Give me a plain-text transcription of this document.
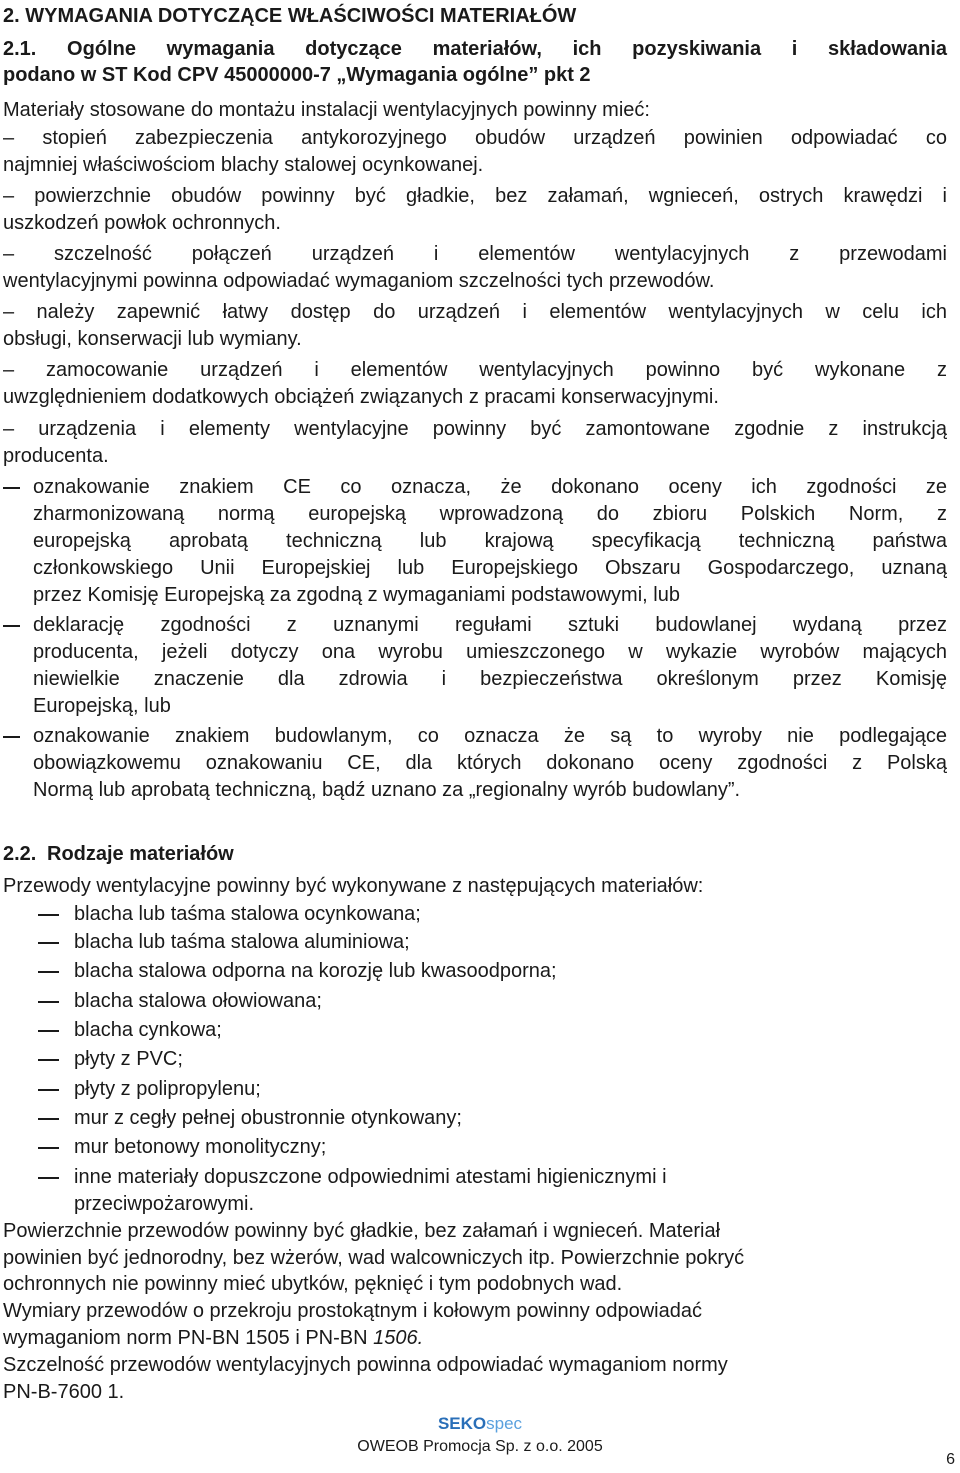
2. WYMAGANIA DOTYCZĄCE WŁAŚCIWOŚCI MATERIAŁÓW
2.1. Ogólne wymagania dotyczące materiałów, ich pozyskiwania i składowania
podano w ST Kod CPV 45000000-7 „Wymagania ogólne” pkt 2
Materiały stosowane do montażu instalacji wentylacyjnych powinny mieć:
– stopień zabezpieczenia antykorozyjnego obudów urządzeń powinien odpowiadać co
najmniej właściwościom blachy stalowej ocynkowanej.
– powierzchnie obudów powinny być gładkie, bez załamań, wgnieceń, ostrych krawędzi i
uszkodzeń powłok ochronnych.
– szczelność połączeń urządzeń i elementów wentylacyjnych z przewodami
wentylacyjnymi powinna odpowiadać wymaganiom szczelności tych przewodów.
– należy zapewnić łatwy dostęp do urządzeń i elementów wentylacyjnych w celu ich
obsługi, konserwacji lub wymiany.
– zamocowanie urządzeń i elementów wentylacyjnych powinno być wykonane z
uwzględnieniem dodatkowych obciążeń związanych z pracami konserwacyjnymi.
– urządzenia i elementy wentylacyjne powinny być zamontowane zgodnie z instrukcją
producenta.
oznakowanie znakiem CE co oznacza, że dokonano oceny ich zgodności ze
zharmonizowaną normą europejską wprowadzoną do zbioru Polskich Norm, z
europejską aprobatą techniczną lub krajową specyfikacją techniczną państwa
członkowskiego Unii Europejskiej lub Europejskiego Obszaru Gospodarczego, uznaną
przez Komisję Europejską za zgodną z wymaganiami podstawowymi, lub
deklarację zgodności z uznanymi regułami sztuki budowlanej wydaną przez
producenta, jeżeli dotyczy ona wyrobu umieszczonego w wykazie wyrobów mających
niewielkie znaczenie dla zdrowia i bezpieczeństwa określonym przez Komisję
Europejską, lub
oznakowanie znakiem budowlanym, co oznacza że są to wyroby nie podlegające
obowiązkowemu oznakowaniu CE, dla których dokonano oceny zgodności z Polską
Normą lub aprobatą techniczną, bądź uznano za „regionalny wyrób budowlany”.
2.2. Rodzaje materiałów
Przewody wentylacyjne powinny być wykonywane z następujących materiałów:
blacha lub taśma stalowa ocynkowana;
blacha lub taśma stalowa aluminiowa;
blacha stalowa odporna na korozję lub kwasoodporna;
blacha stalowa ołowiowana;
blacha cynkowa;
płyty z PVC;
płyty z polipropylenu;
mur z cegły pełnej obustronnie otynkowany;
mur betonowy monolityczny;
inne materiały dopuszczone odpowiednimi atestami higienicznymi i
przeciwpożarowymi.
Powierzchnie przewodów powinny być gładkie, bez załamań i wgnieceń. Materiał
powinien być jednorodny, bez wżerów, wad walcowniczych itp. Powierzchnie pokryć
ochronnych nie powinny mieć ubytków, pęknięć i tym podobnych wad.
Wymiary przewodów o przekroju prostokątnym i kołowym powinny odpowiadać
wymaganiom norm PN-BN 1505 i PN-BN 1506.
Szczelność przewodów wentylacyjnych powinna odpowiadać wymaganiom normy
PN-B-7600 1.
SEKOspec
OWEOB Promocja Sp. z o.o. 2005
6
